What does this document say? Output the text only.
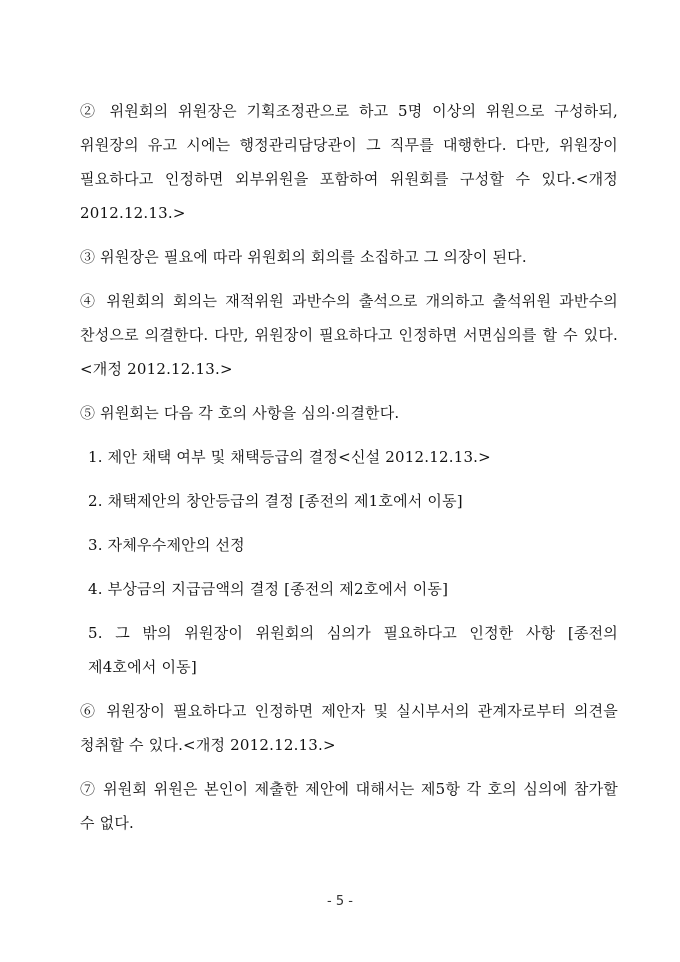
② 위원회의 위원장은 기획조정관으로 하고 5명 이상의 위원으로 구성하되, 위원장의 유고 시에는 행정관리담당관이 그 직무를 대행한다. 다만, 위원장이 필요하다고 인정하면 외부위원을 포함하여 위원회를 구성할 수 있다.<개정 2012.12.13.>

③ 위원장은 필요에 따라 위원회의 회의를 소집하고 그 의장이 된다.

④ 위원회의 회의는 재적위원 과반수의 출석으로 개의하고 출석위원 과반수의 찬성으로 의결한다. 다만, 위원장이 필요하다고 인정하면 서면심의를 할 수 있다.<개정 2012.12.13.>

⑤ 위원회는 다음 각 호의 사항을 심의·의결한다.

1. 제안 채택 여부 및 채택등급의 결정<신설 2012.12.13.>

2. 채택제안의 창안등급의 결정 [종전의 제1호에서 이동]

3. 자체우수제안의 선정

4. 부상금의 지급금액의 결정 [종전의 제2호에서 이동]

5. 그 밖의 위원장이 위원회의 심의가 필요하다고 인정한 사항 [종전의 제4호에서 이동]

⑥ 위원장이 필요하다고 인정하면 제안자 및 실시부서의 관계자로부터 의견을 청취할 수 있다.<개정 2012.12.13.>

⑦ 위원회 위원은 본인이 제출한 제안에 대해서는 제5항 각 호의 심의에 참가할 수 없다.

- 5 -
